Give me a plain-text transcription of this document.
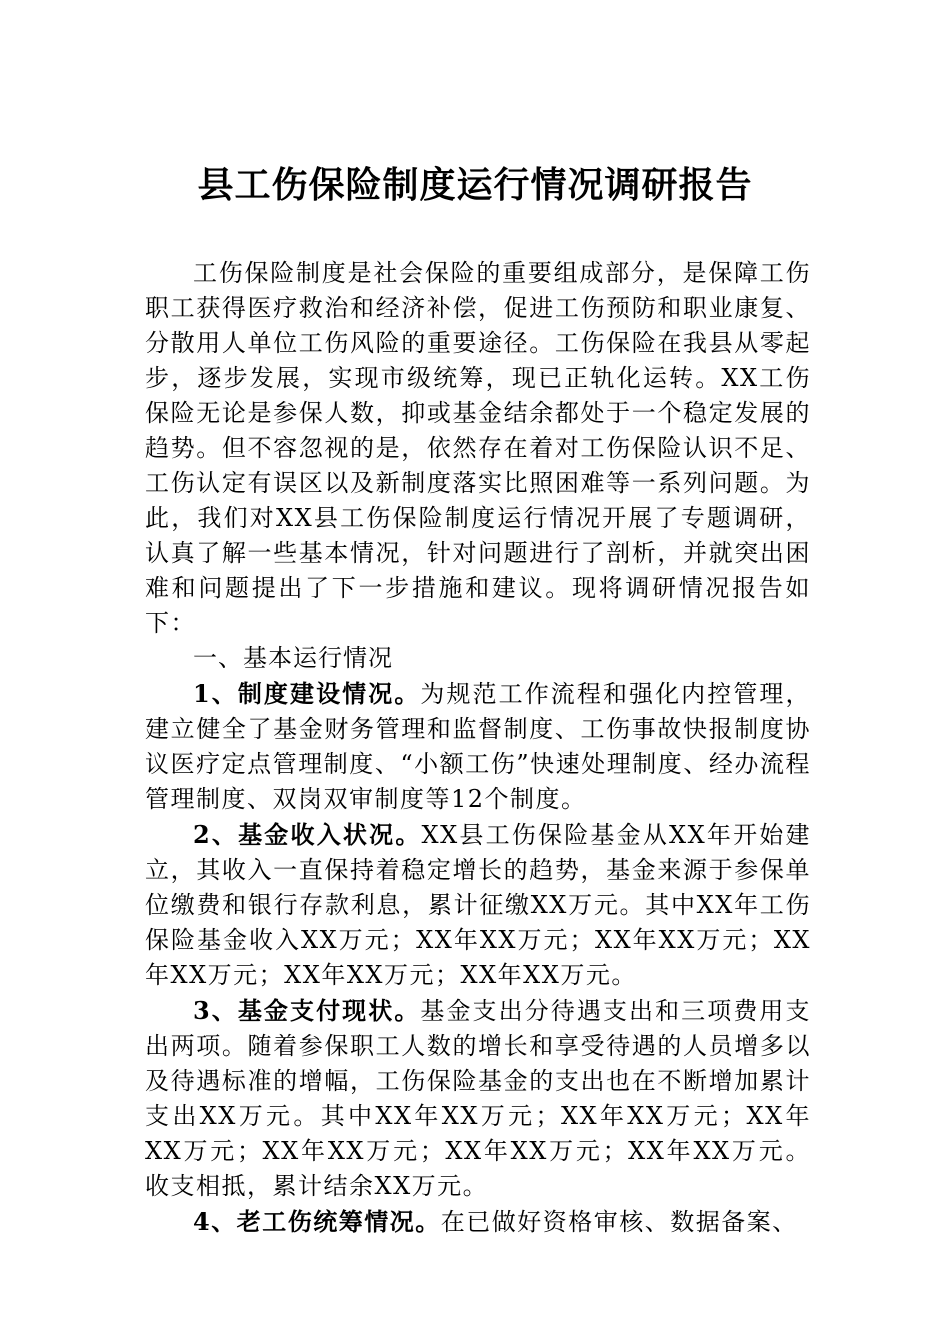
县工伤保险制度运行情况调研报告

工伤保险制度是社会保险的重要组成部分，是保障工伤职工获得医疗救治和经济补偿，促进工伤预防和职业康复、分散用人单位工伤风险的重要途径。工伤保险在我县从零起步，逐步发展，实现市级统筹，现已正轨化运转。XX工伤保险无论是参保人数，抑或基金结余都处于一个稳定发展的趋势。但不容忽视的是，依然存在着对工伤保险认识不足、工伤认定有误区以及新制度落实比照困难等一系列问题。为此，我们对XX县工伤保险制度运行情况开展了专题调研，认真了解一些基本情况，针对问题进行了剖析，并就突出困难和问题提出了下一步措施和建议。现将调研情况报告如下：

一、基本运行情况

1、制度建设情况。为规范工作流程和强化内控管理，建立健全了基金财务管理和监督制度、工伤事故快报制度协议医疗定点管理制度、“小额工伤”快速处理制度、经办流程管理制度、双岗双审制度等12个制度。

2、基金收入状况。XX县工伤保险基金从XX年开始建立，其收入一直保持着稳定增长的趋势，基金来源于参保单位缴费和银行存款利息，累计征缴XX万元。其中XX年工伤保险基金收入XX万元；XX年XX万元；XX年XX万元；XX年XX万元；XX年XX万元；XX年XX万元。

3、基金支付现状。基金支出分待遇支出和三项费用支出两项。随着参保职工人数的增长和享受待遇的人员增多以及待遇标准的增幅，工伤保险基金的支出也在不断增加累计支出XX万元。其中XX年XX万元；XX年XX万元；XX年XX万元；XX年XX万元；XX年XX万元；XX年XX万元。收支相抵，累计结余XX万元。

4、老工伤统筹情况。在已做好资格审核、数据备案、
